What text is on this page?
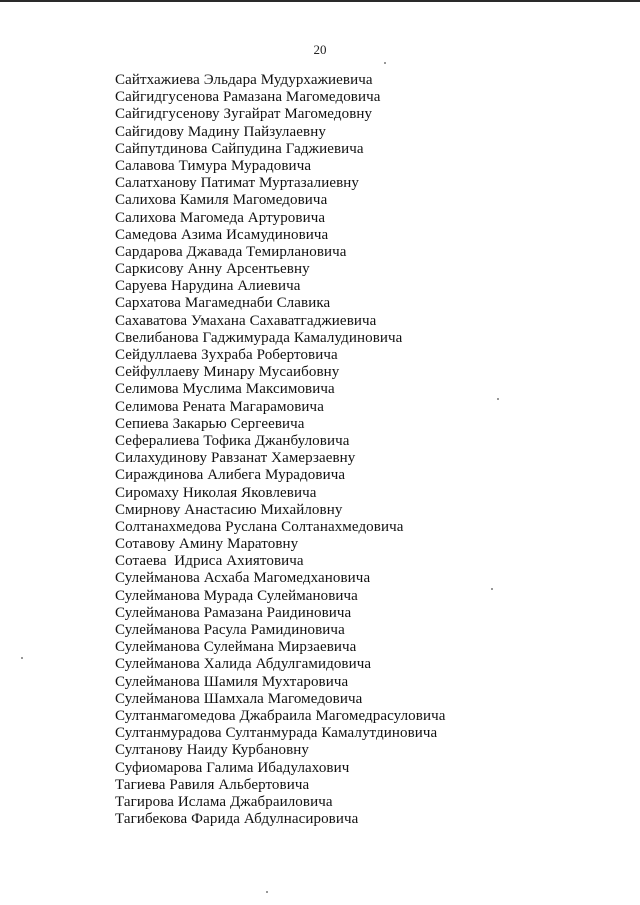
20
Сайтхажиева Эльдара Мудурхажиевича
Сайгидгусенова Рамазана Магомедовича
Сайгидгусенову Зугайрат Магомедовну
Сайгидову Мадину Пайзулаевну
Сайпутдинова Сайпудина Гаджиевича
Салавова Тимура Мурадовича
Салатханову Патимат Муртазалиевну
Салихова Камиля Магомедовича
Салихова Магомеда Артуровича
Самедова Азима Исамудиновича
Сардарова Джавада Темирлановича
Саркисову Анну Арсентьевну
Саруева Нарудина Алиевича
Сархатова Магамеднаби Славика
Сахаватова Умахана Сахаватгаджиевича
Свелибанова Гаджимурада Камалудиновича
Сейдуллаева Зухраба Робертовича
Сейфуллаеву Минару Мусаибовну
Селимова Муслима Максимовича
Селимова Рената Магарамовича
Сепиева Закарью Сергеевича
Сефералиева Тофика Джанбуловича
Силахудинову Равзанат Хамерзаевну
Сираждинова Алибега Мурадовича
Сиромаху Николая Яковлевича
Смирнову Анастасию Михайловну
Солтанахмедова Руслана Солтанахмедовича
Сотавову Амину Маратовну
Сотаева  Идриса Ахиятовича
Сулейманова Асхаба Магомедхановича
Сулейманова Мурада Сулеймановича
Сулейманова Рамазана Раидиновича
Сулейманова Расула Рамидиновича
Сулейманова Сулеймана Мирзаевича
Сулейманова Халида Абдулгамидовича
Сулейманова Шамиля Мухтаровича
Сулейманова Шамхала Магомедовича
Султанмагомедова Джабраила Магомедрасуловича
Султанмурадова Султанмурада Камалутдиновича
Султанову Наиду Курбановну
Суфиомарова Галима Ибадулахович
Тагиева Равиля Альбертовича
Тагирова Ислама Джабраиловича
Тагибекова Фарида Абдулнасировича
